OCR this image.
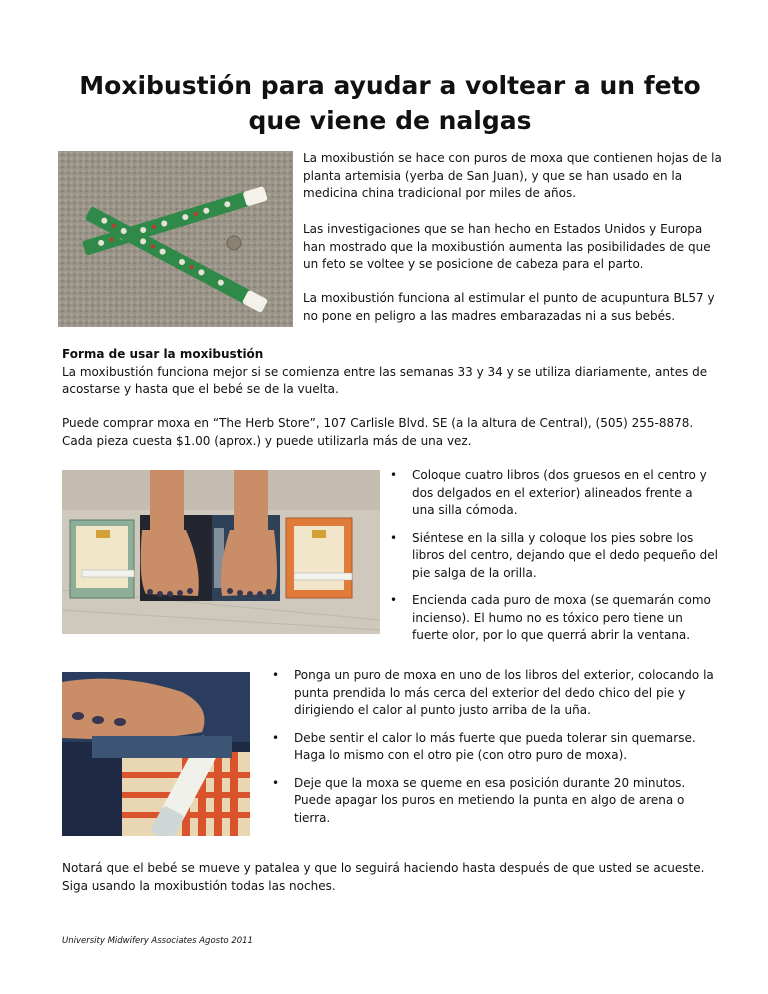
Moxibustión para ayudar a voltear a un feto que viene de nalgas

La moxibustión se hace con puros de moxa que contienen hojas de la planta artemisia (yerba de San Juan), y que se han usado en la medicina china tradicional por miles de años.

Las investigaciones que se han hecho en Estados Unidos y Europa han mostrado que la moxibustión aumenta las posibilidades de que un feto se voltee y se posicione de cabeza para el parto.

La moxibustión funciona al estimular el punto de acupuntura BL57 y no pone en peligro a las madres embarazadas ni a sus bebés.

Forma de usar la moxibustión
La moxibustión funciona mejor si se comienza entre las semanas 33 y 34 y se utiliza diariamente, antes de acostarse y hasta que el bebé se de la vuelta.

Puede comprar moxa en “The Herb Store”, 107 Carlisle Blvd. SE (a la altura de Central), (505) 255-8878. Cada pieza cuesta $1.00 (aprox.) y puede utilizarla más de una vez.

• Coloque cuatro libros (dos gruesos en el centro y dos delgados en el exterior) alineados frente a una silla cómoda.
• Siéntese en la silla y coloque los pies sobre los libros del centro, dejando que el dedo pequeño del pie salga de la orilla.
• Encienda cada puro de moxa (se quemarán como incienso). El humo no es tóxico pero tiene un fuerte olor, por lo que querrá abrir la ventana.
• Ponga un puro de moxa en uno de los libros del exterior, colocando la punta prendida lo más cerca del exterior del dedo chico del pie y dirigiendo el calor al punto justo arriba de la uña.
• Debe sentir el calor lo más fuerte que pueda tolerar sin quemarse. Haga lo mismo con el otro pie (con otro puro de moxa).
• Deje que la moxa se queme en esa posición durante 20 minutos. Puede apagar los puros en metiendo la punta en algo de arena o tierra.

Notará que el bebé se mueve y patalea y que lo seguirá haciendo hasta después de que usted se acueste. Siga usando la moxibustión todas las noches.

University Midwifery Associates Agosto 2011
